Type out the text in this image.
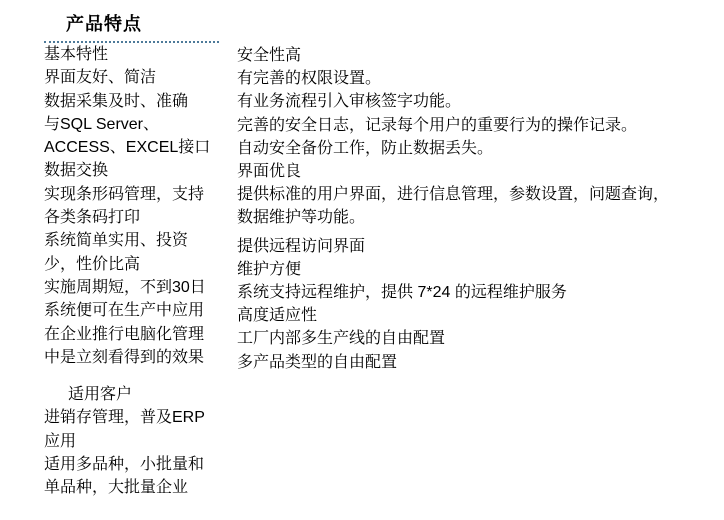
产品特点
基本特性
界面友好、简洁
数据采集及时、准确
与SQL Server、
ACCESS、EXCEL接口
数据交换
实现条形码管理，支持
各类条码打印
系统简单实用、投资
少，性价比高
实施周期短，不到30日
系统便可在生产中应用
在企业推行电脑化管理
中是立刻看得到的效果
适用客户
进销存管理，普及ERP
应用
适用多品种，小批量和
单品种，大批量企业
安全性高
有完善的权限设置。
有业务流程引入审核签字功能。
完善的安全日志，记录每个用户的重要行为的操作记录。
自动安全备份工作，防止数据丢失。
界面优良
提供标准的用户界面，进行信息管理，参数设置，问题查询，
数据维护等功能。
提供远程访问界面
维护方便
系统支持远程维护，提供 7*24 的远程维护服务
高度适应性
工厂内部多生产线的自由配置
多产品类型的自由配置
